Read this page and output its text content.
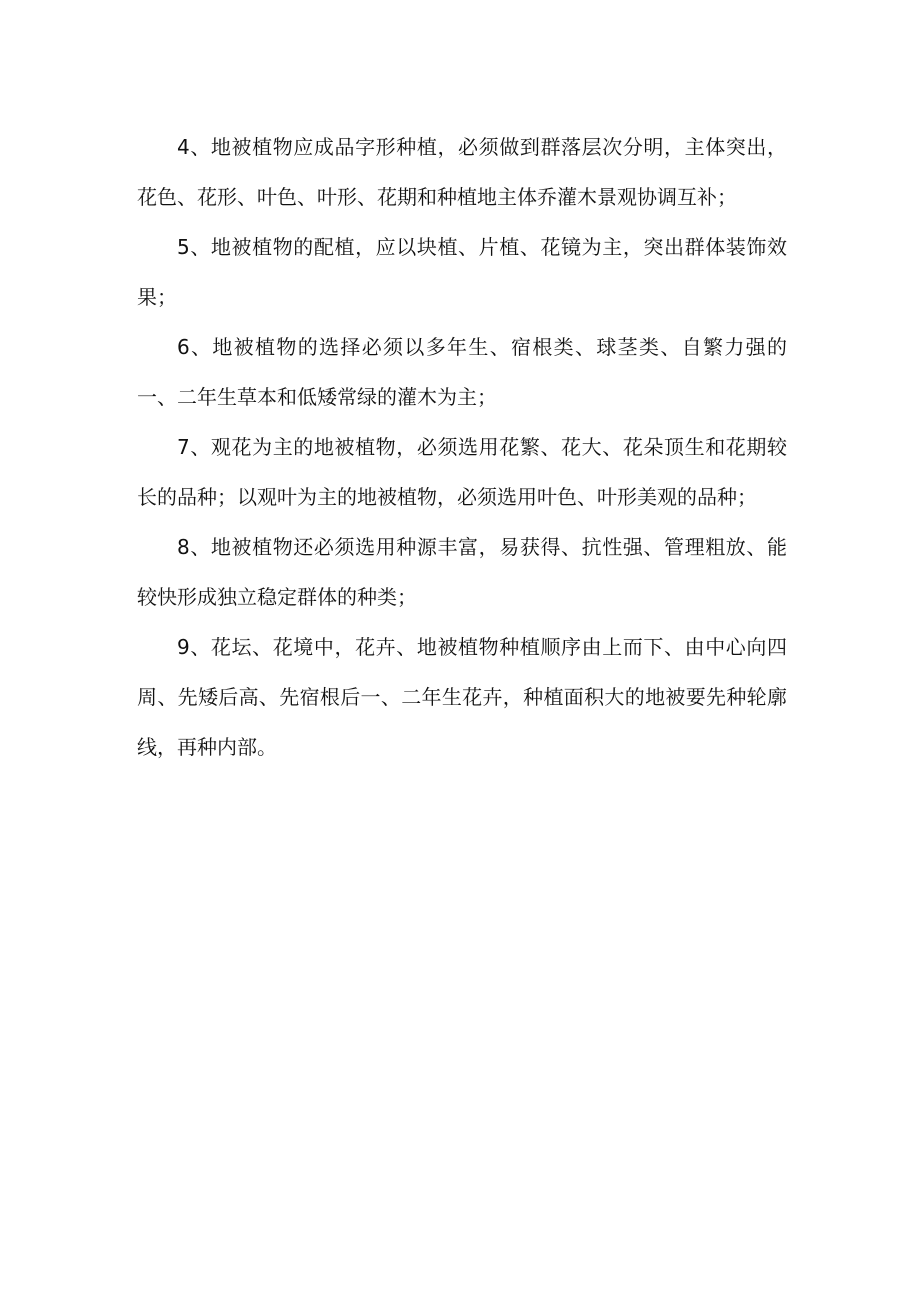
4、地被植物应成品字形种植，必须做到群落层次分明，主体突出，花色、花形、叶色、叶形、花期和种植地主体乔灌木景观协调互补；

5、地被植物的配植，应以块植、片植、花镜为主，突出群体装饰效果；

6、地被植物的选择必须以多年生、宿根类、球茎类、自繁力强的一、二年生草本和低矮常绿的灌木为主；

7、观花为主的地被植物，必须选用花繁、花大、花朵顶生和花期较长的品种；以观叶为主的地被植物，必须选用叶色、叶形美观的品种；

8、地被植物还必须选用种源丰富，易获得、抗性强、管理粗放、能较快形成独立稳定群体的种类；

9、花坛、花境中，花卉、地被植物种植顺序由上而下、由中心向四周、先矮后高、先宿根后一、二年生花卉，种植面积大的地被要先种轮廓线，再种内部。
